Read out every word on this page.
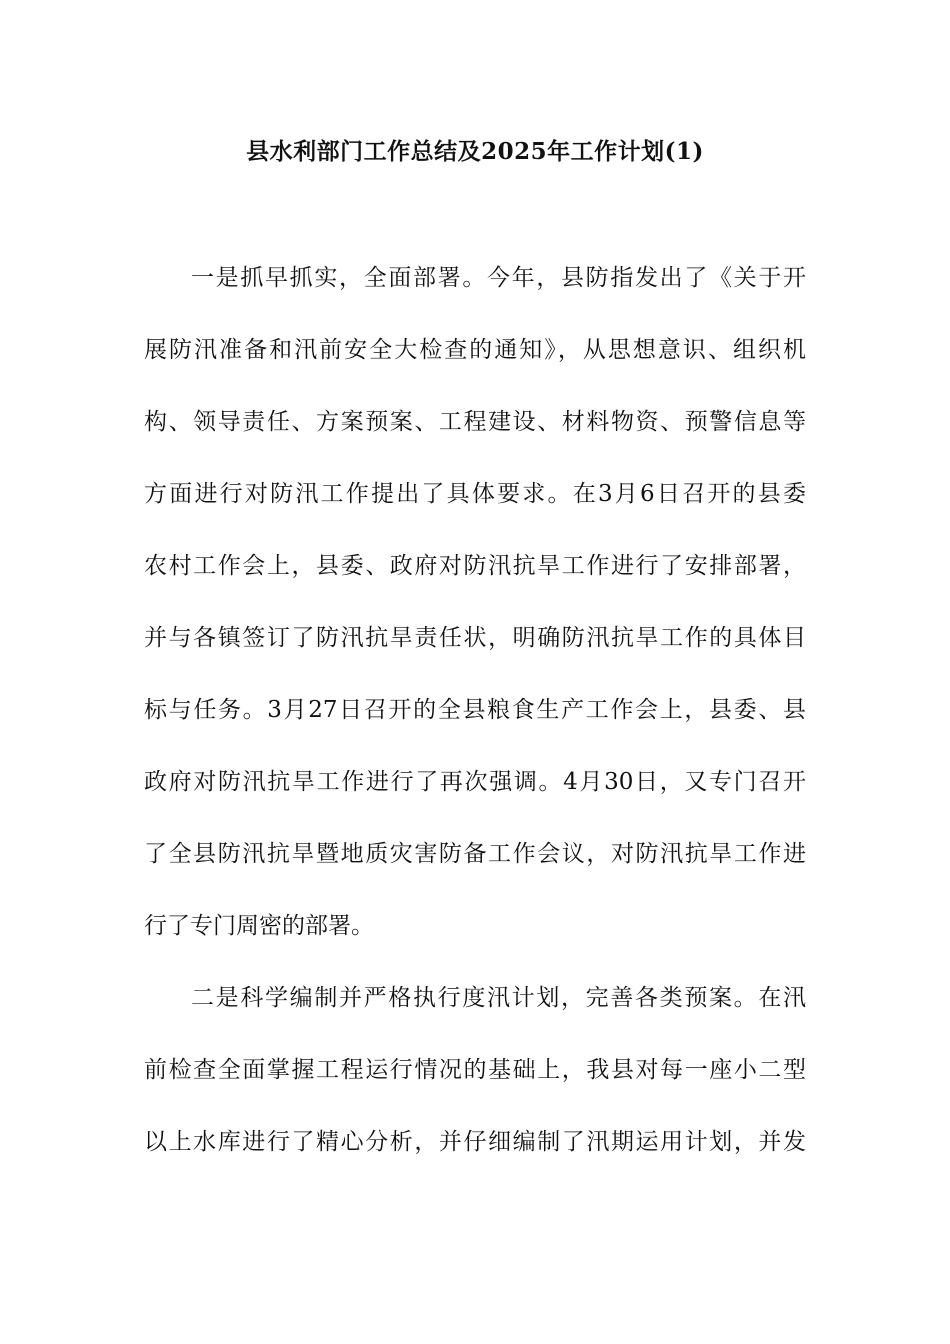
县水利部门工作总结及2025年工作计划(1)
一是抓早抓实，全面部署。今年，县防指发出了《关于开
展防汛准备和汛前安全大检查的通知》，从思想意识、组织机
构、领导责任、方案预案、工程建设、材料物资、预警信息等
方面进行对防汛工作提出了具体要求。在3月6日召开的县委
农村工作会上，县委、政府对防汛抗旱工作进行了安排部署，
并与各镇签订了防汛抗旱责任状，明确防汛抗旱工作的具体目
标与任务。3月27日召开的全县粮食生产工作会上，县委、县
政府对防汛抗旱工作进行了再次强调。4月30日，又专门召开
了全县防汛抗旱暨地质灾害防备工作会议，对防汛抗旱工作进
行了专门周密的部署。
二是科学编制并严格执行度汛计划，完善各类预案。在汛
前检查全面掌握工程运行情况的基础上，我县对每一座小二型
以上水库进行了精心分析，并仔细编制了汛期运用计划，并发
